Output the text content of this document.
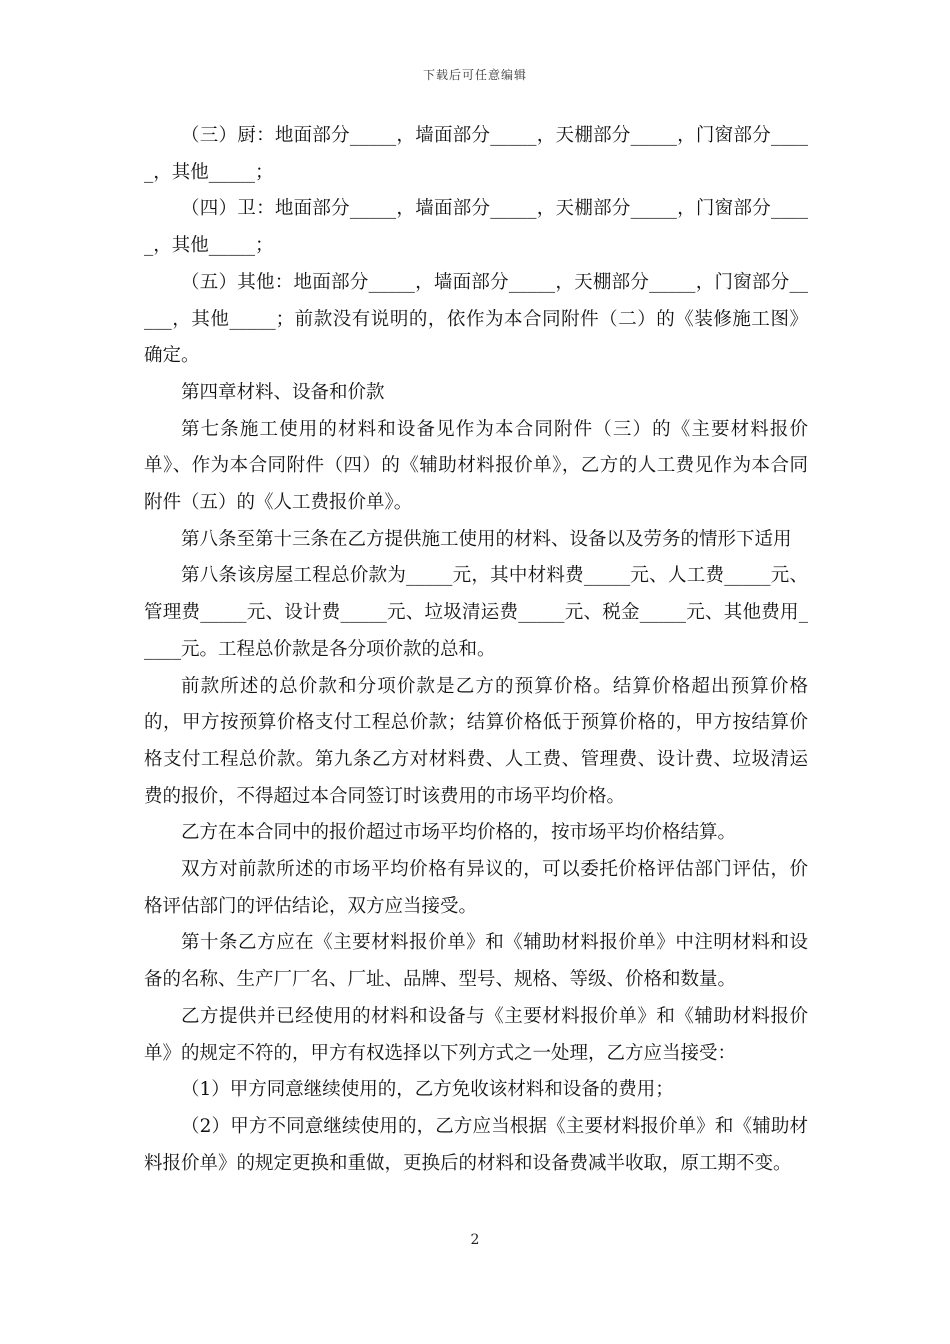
下载后可任意编辑

（三）厨：地面部分_____，墙面部分_____，天棚部分_____，门窗部分_____，其他_____；

（四）卫：地面部分_____，墙面部分_____，天棚部分_____，门窗部分_____，其他_____；

（五）其他：地面部分_____，墙面部分_____，天棚部分_____，门窗部分_____，其他_____；前款没有说明的，依作为本合同附件（二）的《装修施工图》确定。

第四章材料、设备和价款

第七条施工使用的材料和设备见作为本合同附件（三）的《主要材料报价单》、作为本合同附件（四）的《辅助材料报价单》，乙方的人工费见作为本合同附件（五）的《人工费报价单》。

第八条至第十三条在乙方提供施工使用的材料、设备以及劳务的情形下适用

第八条该房屋工程总价款为_____元，其中材料费_____元、人工费_____元、管理费_____元、设计费_____元、垃圾清运费_____元、税金_____元、其他费用_____元。工程总价款是各分项价款的总和。

前款所述的总价款和分项价款是乙方的预算价格。结算价格超出预算价格的，甲方按预算价格支付工程总价款；结算价格低于预算价格的，甲方按结算价格支付工程总价款。第九条乙方对材料费、人工费、管理费、设计费、垃圾清运费的报价，不得超过本合同签订时该费用的市场平均价格。

乙方在本合同中的报价超过市场平均价格的，按市场平均价格结算。

双方对前款所述的市场平均价格有异议的，可以委托价格评估部门评估，价格评估部门的评估结论，双方应当接受。

第十条乙方应在《主要材料报价单》和《辅助材料报价单》中注明材料和设备的名称、生产厂厂名、厂址、品牌、型号、规格、等级、价格和数量。

乙方提供并已经使用的材料和设备与《主要材料报价单》和《辅助材料报价单》的规定不符的，甲方有权选择以下列方式之一处理，乙方应当接受：

（1）甲方同意继续使用的，乙方免收该材料和设备的费用；

（2）甲方不同意继续使用的，乙方应当根据《主要材料报价单》和《辅助材料报价单》的规定更换和重做，更换后的材料和设备费减半收取，原工期不变。

2
